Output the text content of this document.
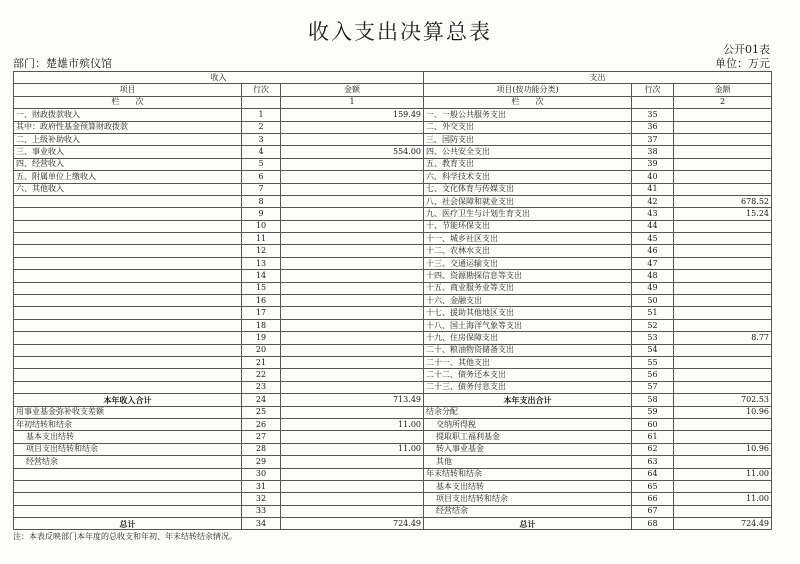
收入支出决算总表
公开01表
部门：楚雄市殡仪馆	单位：万元
收入			支出		
项目	行次	金额	项目(按功能分类)	行次	金额
栏　　次		1	栏　　次		2
一、财政拨款收入	1	159.49	一、一般公共服务支出	35	
其中：政府性基金预算财政拨款	2		二、外交支出	36	
二、上级补助收入	3		三、国防支出	37	
三、事业收入	4	554.00	四、公共安全支出	38	
四、经营收入	5		五、教育支出	39	
五、附属单位上缴收入	6		六、科学技术支出	40	
六、其他收入	7		七、文化体育与传媒支出	41	
	8		八、社会保障和就业支出	42	678.52
	9		九、医疗卫生与计划生育支出	43	15.24
	10		十、节能环保支出	44	
	11		十一、城乡社区支出	45	
	12		十二、农林水支出	46	
	13		十三、交通运输支出	47	
	14		十四、资源勘探信息等支出	48	
	15		十五、商业服务业等支出	49	
	16		十六、金融支出	50	
	17		十七、援助其他地区支出	51	
	18		十八、国土海洋气象等支出	52	
	19		十九、住房保障支出	53	8.77
	20		二十、粮油物资储备支出	54	
	21		二十一、其他支出	55	
	22		二十二、债务还本支出	56	
	23		二十三、债务付息支出	57	
本年收入合计	24	713.49	本年支出合计	58	702.53
用事业基金弥补收支差额	25		结余分配	59	10.96
年初结转和结余	26	11.00	交纳所得税	60	
基本支出结转	27		提取职工福利基金	61	
项目支出结转和结余	28	11.00	转入事业基金	62	10.96
经营结余	29		其他	63	
	30		年末结转和结余	64	11.00
	31		基本支出结转	65	
	32		项目支出结转和结余	66	11.00
	33		经营结余	67	
总计	34	724.49	总计	68	724.49
注：本表反映部门本年度的总收支和年初、年末结转结余情况。
